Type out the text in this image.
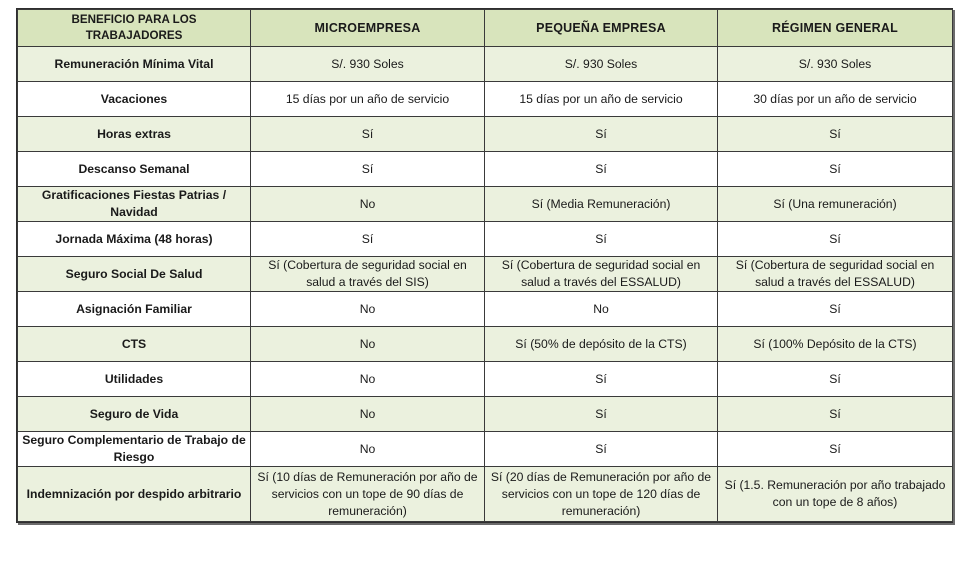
BENEFICIO PARA LOS TRABAJADORES	MICROEMPRESA	PEQUEÑA EMPRESA	RÉGIMEN GENERAL
Remuneración Mínima Vital	S/. 930 Soles	S/. 930 Soles	S/. 930 Soles
Vacaciones	15 días por un año de servicio	15 días por un año de servicio	30 días por un año de servicio
Horas extras	Sí	Sí	Sí
Descanso Semanal	Sí	Sí	Sí
Gratificaciones Fiestas Patrias / Navidad	No	Sí (Media Remuneración)	Sí (Una remuneración)
Jornada Máxima (48 horas)	Sí	Sí	Sí
Seguro Social De Salud	Sí (Cobertura de seguridad social en salud a través del SIS)	Sí (Cobertura de seguridad social en salud a través del ESSALUD)	Sí (Cobertura de seguridad social en salud a través del ESSALUD)
Asignación Familiar	No	No	Sí
CTS	No	Sí (50% de depósito de la CTS)	Sí (100% Depósito de la CTS)
Utilidades	No	Sí	Sí
Seguro de Vida	No	Sí	Sí
Seguro Complementario de Trabajo de Riesgo	No	Sí	Sí
Indemnización por despido arbitrario	Sí (10 días de Remuneración por año de servicios con un tope de 90 días de remuneración)	Sí (20 días de Remuneración por año de servicios con un tope de 120 días de remuneración)	Sí (1.5. Remuneración por año trabajado con un tope de 8 años)
